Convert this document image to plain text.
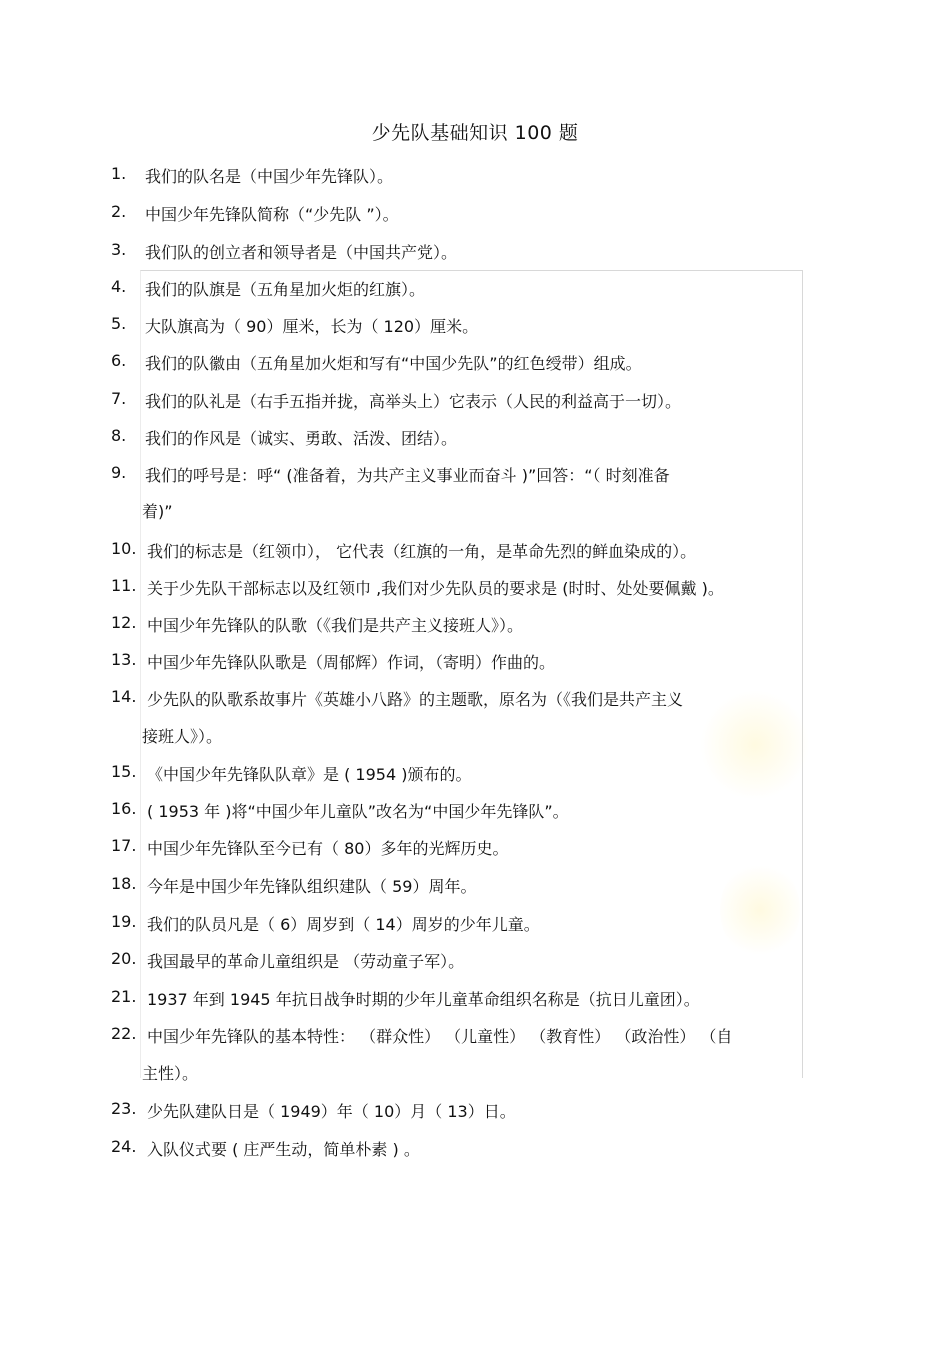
少先队基础知识 100 题
1. 我们的队名是（中国少年先锋队）。
2. 中国少年先锋队简称（“少先队 ”）。
3. 我们队的创立者和领导者是（中国共产党）。
4. 我们的队旗是（五角星加火炬的红旗）。
5. 大队旗高为（ 90）厘米，长为（ 120）厘米。
6. 我们的队徽由（五角星加火炬和写有“中国少先队”的红色绶带）组成。
7. 我们的队礼是（右手五指并拢，高举头上）它表示（人民的利益高于一切）。
8. 我们的作风是（诚实、勇敢、活泼、团结）。
9. 我们的呼号是：呼“ (准备着，为共产主义事业而奋斗 )”回答：“（ 时刻准备
着)”
10. 我们的标志是（红领巾）， 它代表（红旗的一角，是革命先烈的鲜血染成的）。
11. 关于少先队干部标志以及红领巾 ,我们对少先队员的要求是 (时时、处处要佩戴 )。
12. 中国少年先锋队的队歌（《我们是共产主义接班人》）。
13. 中国少年先锋队队歌是（周郁辉）作词，（寄明）作曲的。
14. 少先队的队歌系故事片《英雄小八路》的主题歌，原名为（《我们是共产主义
接班人》）。
15. 《中国少年先锋队队章》是 ( 1954 )颁布的。
16. ( 1953 年 )将“中国少年儿童队”改名为“中国少年先锋队”。
17. 中国少年先锋队至今已有（ 80）多年的光辉历史。
18. 今年是中国少年先锋队组织建队（ 59）周年。
19. 我们的队员凡是（ 6）周岁到（ 14）周岁的少年儿童。
20. 我国最早的革命儿童组织是 （劳动童子军）。
21. 1937 年到 1945 年抗日战争时期的少年儿童革命组织名称是（抗日儿童团）。
22. 中国少年先锋队的基本特性： （群众性） （儿童性） （教育性） （政治性） （自
主性）。
23. 少先队建队日是（ 1949）年（ 10）月（ 13）日。
24. 入队仪式要 ( 庄严生动，简单朴素 ) 。
